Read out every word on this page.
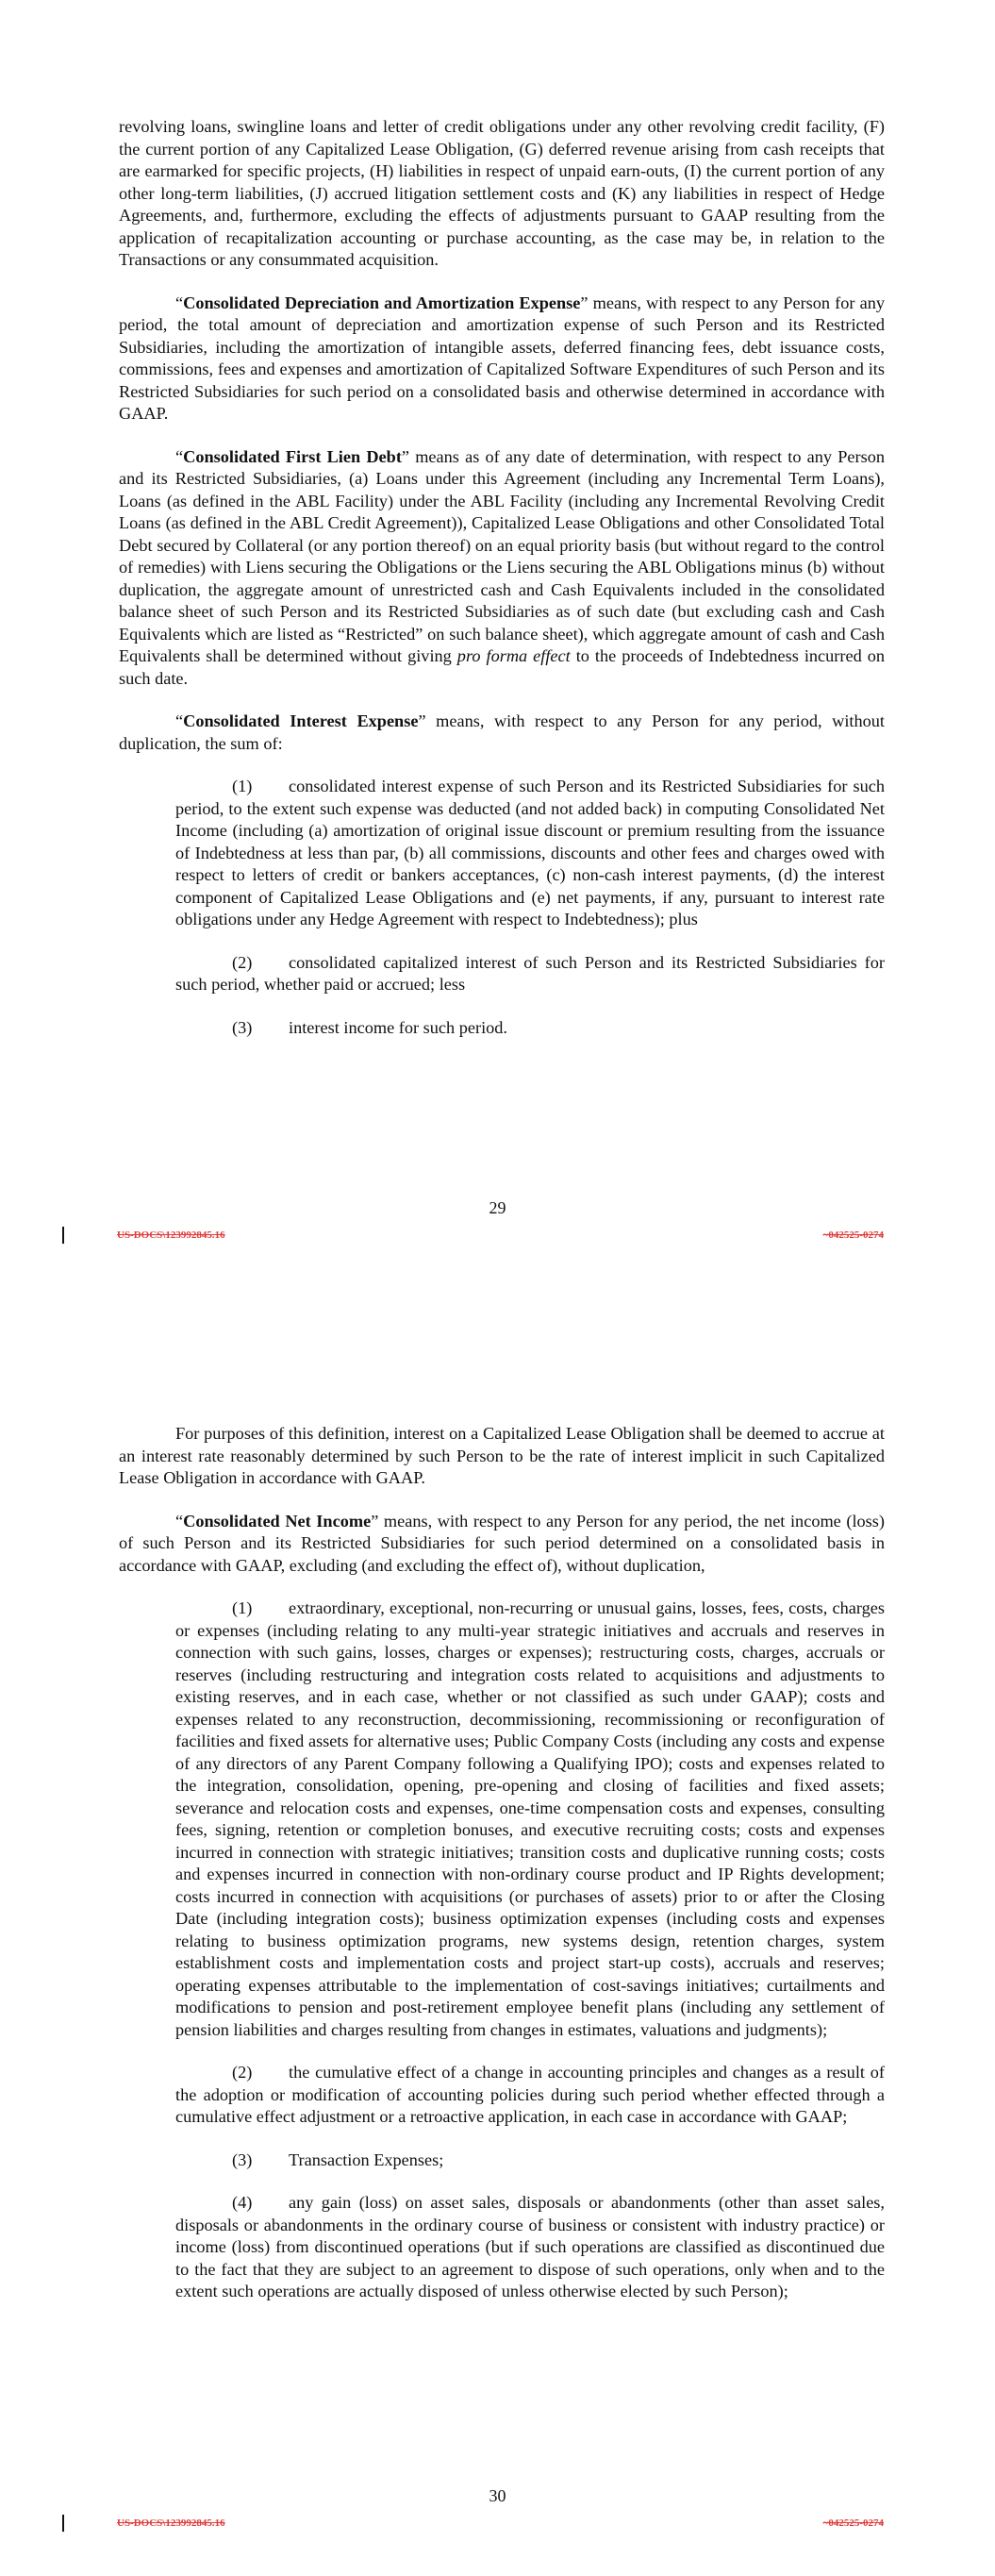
revolving loans, swingline loans and letter of credit obligations under any other revolving credit facility, (F) the current portion of any Capitalized Lease Obligation, (G) deferred revenue arising from cash receipts that are earmarked for specific projects, (H) liabilities in respect of unpaid earn-outs, (I) the current portion of any other long-term liabilities, (J) accrued litigation settlement costs and (K) any liabilities in respect of Hedge Agreements, and, furthermore, excluding the effects of adjustments pursuant to GAAP resulting from the application of recapitalization accounting or purchase accounting, as the case may be, in relation to the Transactions or any consummated acquisition.

“Consolidated Depreciation and Amortization Expense” means, with respect to any Person for any period, the total amount of depreciation and amortization expense of such Person and its Restricted Subsidiaries, including the amortization of intangible assets, deferred financing fees, debt issuance costs, commissions, fees and expenses and amortization of Capitalized Software Expenditures of such Person and its Restricted Subsidiaries for such period on a consolidated basis and otherwise determined in accordance with GAAP.

“Consolidated First Lien Debt” means as of any date of determination, with respect to any Person and its Restricted Subsidiaries, (a) Loans under this Agreement (including any Incremental Term Loans), Loans (as defined in the ABL Facility) under the ABL Facility (including any Incremental Revolving Credit Loans (as defined in the ABL Credit Agreement)), Capitalized Lease Obligations and other Consolidated Total Debt secured by Collateral (or any portion thereof) on an equal priority basis (but without regard to the control of remedies) with Liens securing the Obligations or the Liens securing the ABL Obligations minus (b) without duplication, the aggregate amount of unrestricted cash and Cash Equivalents included in the consolidated balance sheet of such Person and its Restricted Subsidiaries as of such date (but excluding cash and Cash Equivalents which are listed as “Restricted” on such balance sheet), which aggregate amount of cash and Cash Equivalents shall be determined without giving pro forma effect to the proceeds of Indebtedness incurred on such date.

“Consolidated Interest Expense” means, with respect to any Person for any period, without duplication, the sum of:

(1) consolidated interest expense of such Person and its Restricted Subsidiaries for such period, to the extent such expense was deducted (and not added back) in computing Consolidated Net Income (including (a) amortization of original issue discount or premium resulting from the issuance of Indebtedness at less than par, (b) all commissions, discounts and other fees and charges owed with respect to letters of credit or bankers acceptances, (c) non-cash interest payments, (d) the interest component of Capitalized Lease Obligations and (e) net payments, if any, pursuant to interest rate obligations under any Hedge Agreement with respect to Indebtedness); plus

(2) consolidated capitalized interest of such Person and its Restricted Subsidiaries for such period, whether paid or accrued; less

(3) interest income for such period.

29
US-DOCS\123992845.16	~042525-0274

For purposes of this definition, interest on a Capitalized Lease Obligation shall be deemed to accrue at an interest rate reasonably determined by such Person to be the rate of interest implicit in such Capitalized Lease Obligation in accordance with GAAP.

“Consolidated Net Income” means, with respect to any Person for any period, the net income (loss) of such Person and its Restricted Subsidiaries for such period determined on a consolidated basis in accordance with GAAP, excluding (and excluding the effect of), without duplication,

(1) extraordinary, exceptional, non-recurring or unusual gains, losses, fees, costs, charges or expenses (including relating to any multi-year strategic initiatives and accruals and reserves in connection with such gains, losses, charges or expenses); restructuring costs, charges, accruals or reserves (including restructuring and integration costs related to acquisitions and adjustments to existing reserves, and in each case, whether or not classified as such under GAAP); costs and expenses related to any reconstruction, decommissioning, recommissioning or reconfiguration of facilities and fixed assets for alternative uses; Public Company Costs (including any costs and expense of any directors of any Parent Company following a Qualifying IPO); costs and expenses related to the integration, consolidation, opening, pre-opening and closing of facilities and fixed assets; severance and relocation costs and expenses, one-time compensation costs and expenses, consulting fees, signing, retention or completion bonuses, and executive recruiting costs; costs and expenses incurred in connection with strategic initiatives; transition costs and duplicative running costs; costs and expenses incurred in connection with non-ordinary course product and IP Rights development; costs incurred in connection with acquisitions (or purchases of assets) prior to or after the Closing Date (including integration costs); business optimization expenses (including costs and expenses relating to business optimization programs, new systems design, retention charges, system establishment costs and implementation costs and project start-up costs), accruals and reserves; operating expenses attributable to the implementation of cost-savings initiatives; curtailments and modifications to pension and post-retirement employee benefit plans (including any settlement of pension liabilities and charges resulting from changes in estimates, valuations and judgments);

(2) the cumulative effect of a change in accounting principles and changes as a result of the adoption or modification of accounting policies during such period whether effected through a cumulative effect adjustment or a retroactive application, in each case in accordance with GAAP;

(3) Transaction Expenses;

(4) any gain (loss) on asset sales, disposals or abandonments (other than asset sales, disposals or abandonments in the ordinary course of business or consistent with industry practice) or income (loss) from discontinued operations (but if such operations are classified as discontinued due to the fact that they are subject to an agreement to dispose of such operations, only when and to the extent such operations are actually disposed of unless otherwise elected by such Person);

30
US-DOCS\123992845.16	~042525-0274
